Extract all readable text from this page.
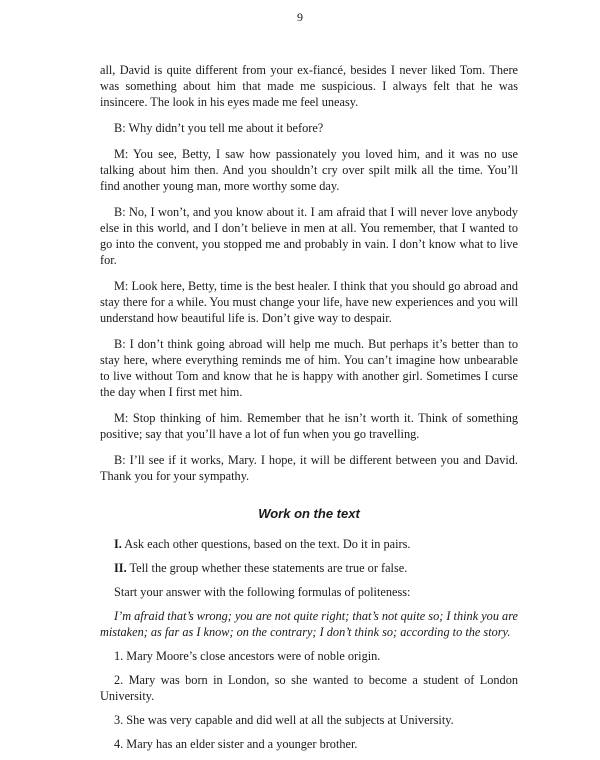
9

all, David is quite different from your ex-fiancé, besides I never liked Tom. There was something about him that made me suspicious. I always felt that he was insincere. The look in his eyes made me feel uneasy.

B: Why didn’t you tell me about it before?

M: You see, Betty, I saw how passionately you loved him, and it was no use talking about him then. And you shouldn’t cry over spilt milk all the time. You’ll find another young man, more worthy some day.

B: No, I won’t, and you know about it. I am afraid that I will never love anybody else in this world, and I don’t believe in men at all. You remember, that I wanted to go into the convent, you stopped me and probably in vain. I don’t know what to live for.

M: Look here, Betty, time is the best healer. I think that you should go abroad and stay there for a while. You must change your life, have new experiences and you will understand how beautiful life is. Don’t give way to despair.

B: I don’t think going abroad will help me much. But perhaps it’s better than to stay here, where everything reminds me of him. You can’t imagine how unbearable to live without Tom and know that he is happy with another girl. Sometimes I curse the day when I first met him.

M: Stop thinking of him. Remember that he isn’t worth it. Think of something positive; say that you’ll have a lot of fun when you go travelling.

B: I’ll see if it works, Mary. I hope, it will be different between you and David. Thank you for your sympathy.

Work on the text

I. Ask each other questions, based on the text. Do it in pairs.

II. Tell the group whether these statements are true or false.

Start your answer with the following formulas of politeness:

I’m afraid that’s wrong; you are not quite right; that’s not quite so; I think you are mistaken; as far as I know; on the contrary; I don’t think so; according to the story.

1. Mary Moore’s close ancestors were of noble origin.

2. Mary was born in London, so she wanted to become a student of London University.

3. She was very capable and did well at all the subjects at University.

4. Mary has an elder sister and a younger brother.
